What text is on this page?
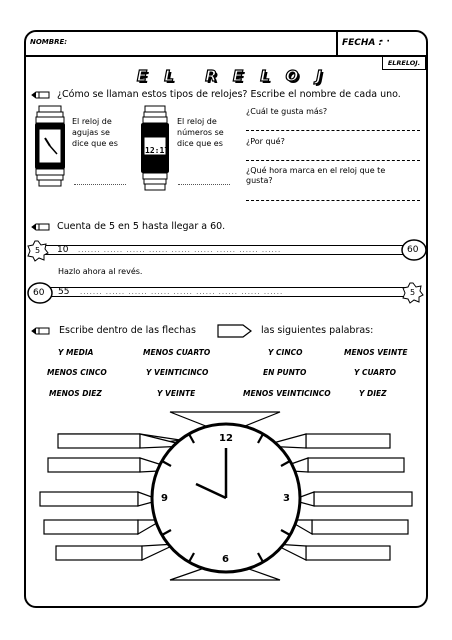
NOMBRE:	FECHA :
· ·
ELRELOJ.
E L R E L O J
¿Cómo se llaman estos tipos de relojes? Escribe el nombre de cada uno.
El reloj de
agujas se
dice que es
12:17
El reloj de
números se
dice que es
¿Cuál te gusta más?
¿Por qué?
¿Qué hora marca en el reloj que te
gusta?
Cuenta de 5 en 5 hasta llegar a 60.
5 10 ....... ...... ...... ...... ...... ...... ...... ...... ......	60
Hazlo ahora al revés.
60 55 ....... ...... ...... ...... ...... ...... ...... ...... ......	5
Escribe dentro de las flechas	las siguientes palabras:
Y MEDIA	MENOS CUARTO	Y CINCO	MENOS VEINTE
MENOS CINCO	Y VEINTICINCO	EN PUNTO	Y CUARTO
MENOS DIEZ	Y VEINTE	MENOS VEINTICINCO	Y DIEZ
12
3
6
9
